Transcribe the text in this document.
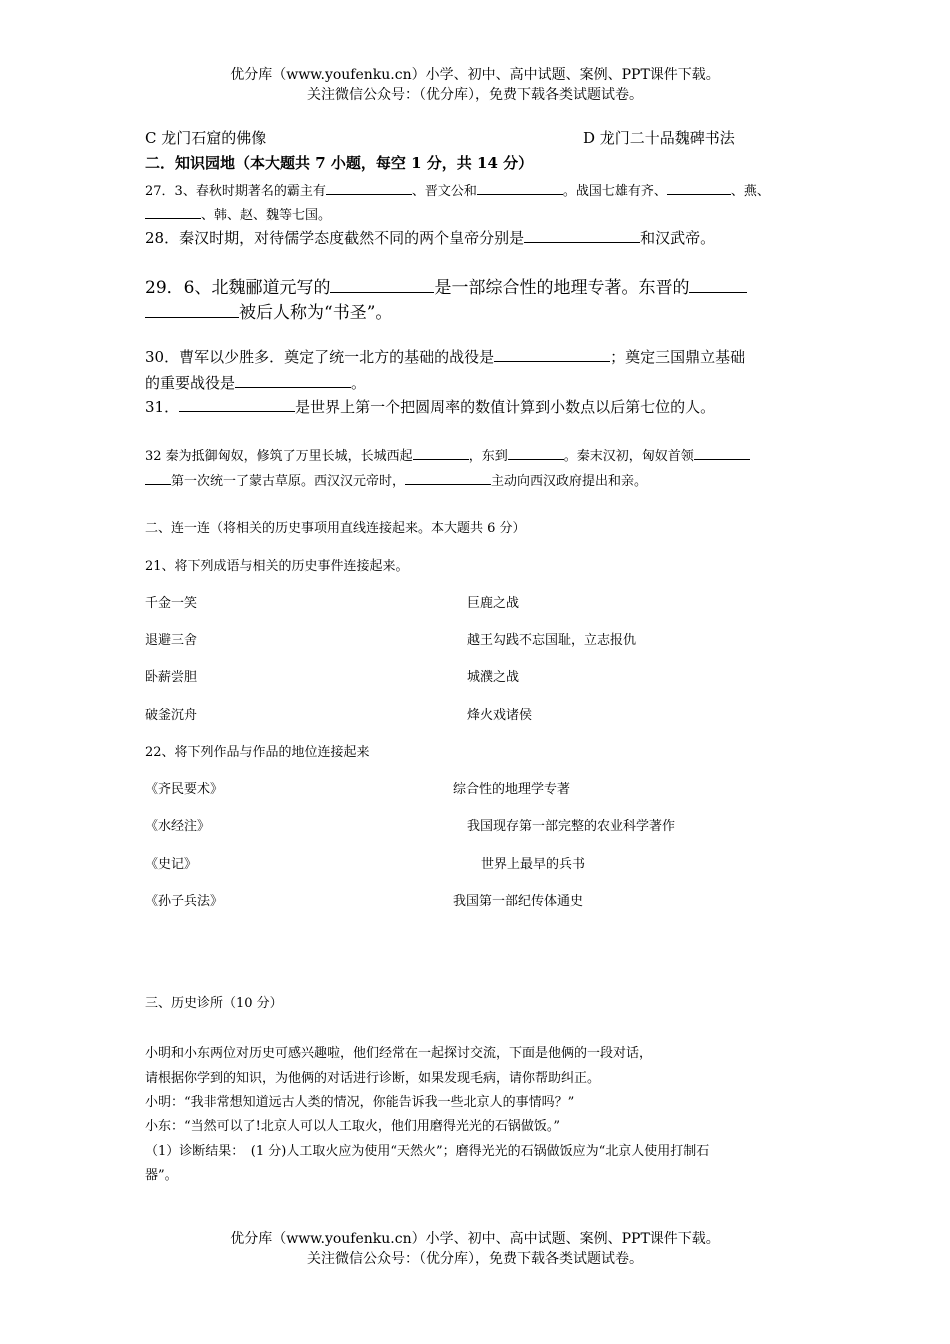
优分库（www.youfenku.cn）小学、初中、高中试题、案例、PPT课件下载。
关注微信公众号：（优分库），免费下载各类试题试卷。
C 龙门石窟的佛像	D 龙门二十品魏碑书法
二．知识园地（本大题共 7 小题，每空 1 分，共 14 分）
27．3、春秋时期著名的霸主有	、晋文公和	。战国七雄有齐、	、燕、
、韩、赵、魏等七国。
28．秦汉时期，对待儒学态度截然不同的两个皇帝分别是	和汉武帝。
29．6、北魏郦道元写的	是一部综合性的地理专著。东晋的
被后人称为“书圣”。
30．曹军以少胜多．奠定了统一北方的基础的战役是	；奠定三国鼎立基础
的重要战役是	。
31．	是世界上第一个把圆周率的数值计算到小数点以后第七位的人。
32 秦为抵御匈奴，修筑了万里长城，长城西起	，东到	。秦末汉初，匈奴首领
第一次统一了蒙古草原。西汉汉元帝时，	主动向西汉政府提出和亲。
二、连一连（将相关的历史事项用直线连接起来。本大题共 6 分）
21、将下列成语与相关的历史事件连接起来。
千金一笑	巨鹿之战
退避三舍	越王勾践不忘国耻，立志报仇
卧薪尝胆	城濮之战
破釜沉舟	烽火戏诸侯
22、将下列作品与作品的地位连接起来
《齐民要术》	综合性的地理学专著
《水经注》	我国现存第一部完整的农业科学著作
《史记》	世界上最早的兵书
《孙子兵法》	我国第一部纪传体通史
三、历史诊所（10 分）
小明和小东两位对历史可感兴趣啦，他们经常在一起探讨交流，下面是他俩的一段对话，
请根据你学到的知识，为他俩的对话进行诊断，如果发现毛病，请你帮助纠正。
小明：“我非常想知道远古人类的情况，你能告诉我一些北京人的事情吗？”
小东：“当然可以了!北京人可以人工取火，他们用磨得光光的石锅做饭。”
（1）诊断结果：　(1 分)人工取火应为使用“天然火”；磨得光光的石锅做饭应为“北京人使用打制石
器”。
优分库（www.youfenku.cn）小学、初中、高中试题、案例、PPT课件下载。
关注微信公众号：（优分库），免费下载各类试题试卷。
